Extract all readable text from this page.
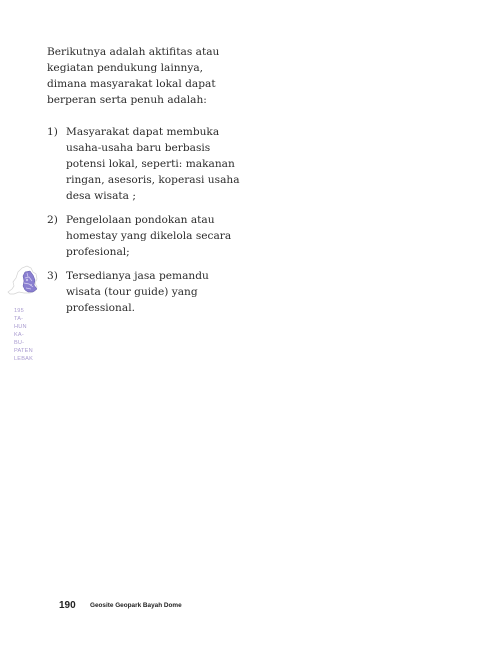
Berikutnya adalah aktifitas atau
kegiatan pendukung lainnya,
dimana masyarakat lokal dapat
berperan serta penuh adalah:
1) Masyarakat dapat membuka
usaha-usaha baru berbasis
potensi lokal, seperti: makanan
ringan, asesoris, koperasi usaha
desa wisata ;
2) Pengelolaan pondokan atau
homestay yang dikelola secara
profesional;
3) Tersedianya jasa pemandu
wisata (tour guide) yang
professional.
195
TA-
HUN
KA-
BU-
PATEN
LEBAK
190 Geosite Geopark Bayah Dome
